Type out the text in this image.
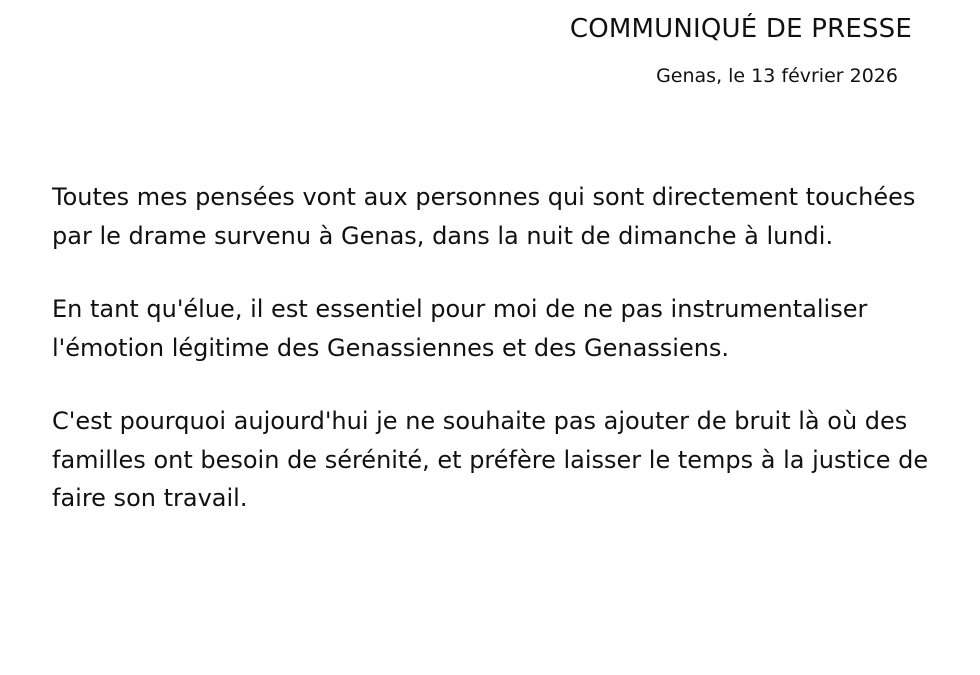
COMMUNIQUÉ DE PRESSE
Genas, le 13 février 2026

Toutes mes pensées vont aux personnes qui sont directement touchées par le drame survenu à Genas, dans la nuit de dimanche à lundi.

En tant qu'élue, il est essentiel pour moi de ne pas instrumentaliser l'émotion légitime des Genassiennes et des Genassiens.

C'est pourquoi aujourd'hui je ne souhaite pas ajouter de bruit là où des familles ont besoin de sérénité, et préfère laisser le temps à la justice de faire son travail.
